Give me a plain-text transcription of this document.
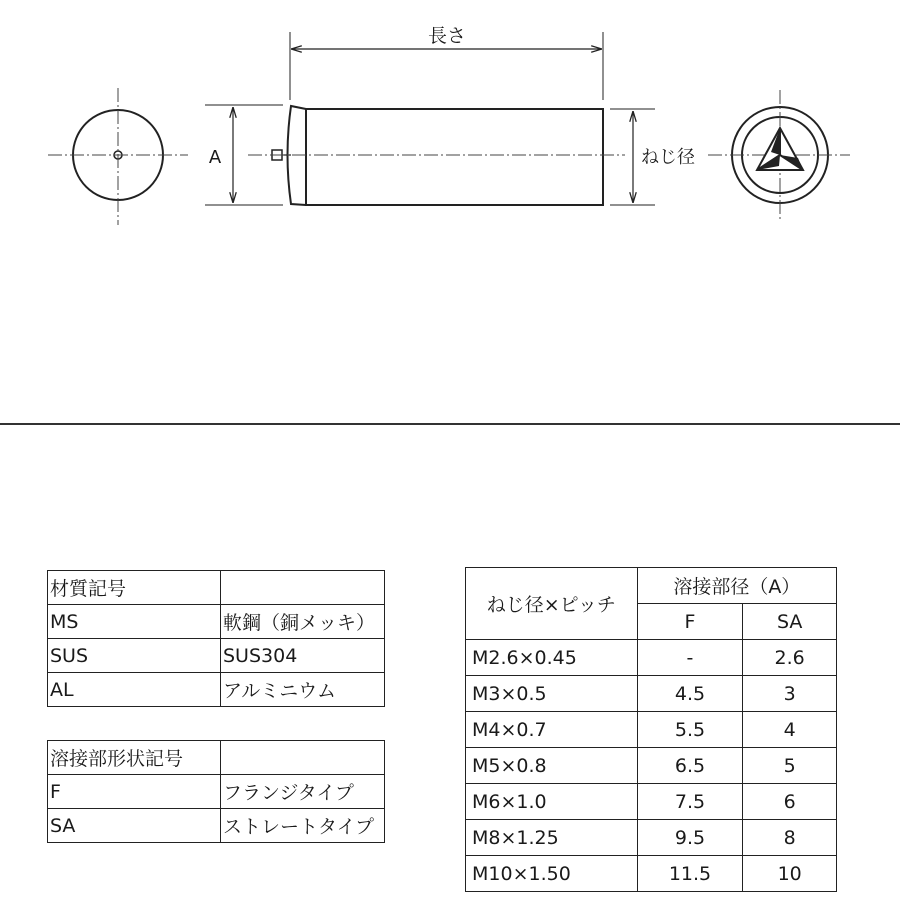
長さ
A	ねじ径
材質記号	
MS	軟鋼（銅メッキ）
SUS	SUS304
AL	アルミニウム
溶接部形状記号	
F	フランジタイプ
SA	ストレートタイプ
ねじ径×ピッチ	溶接部径（A）	
	F	SA
M2.6×0.45	-	2.6
M3×0.5	4.5	3
M4×0.7	5.5	4
M5×0.8	6.5	5
M6×1.0	7.5	6
M8×1.25	9.5	8
M10×1.50	11.5	10
